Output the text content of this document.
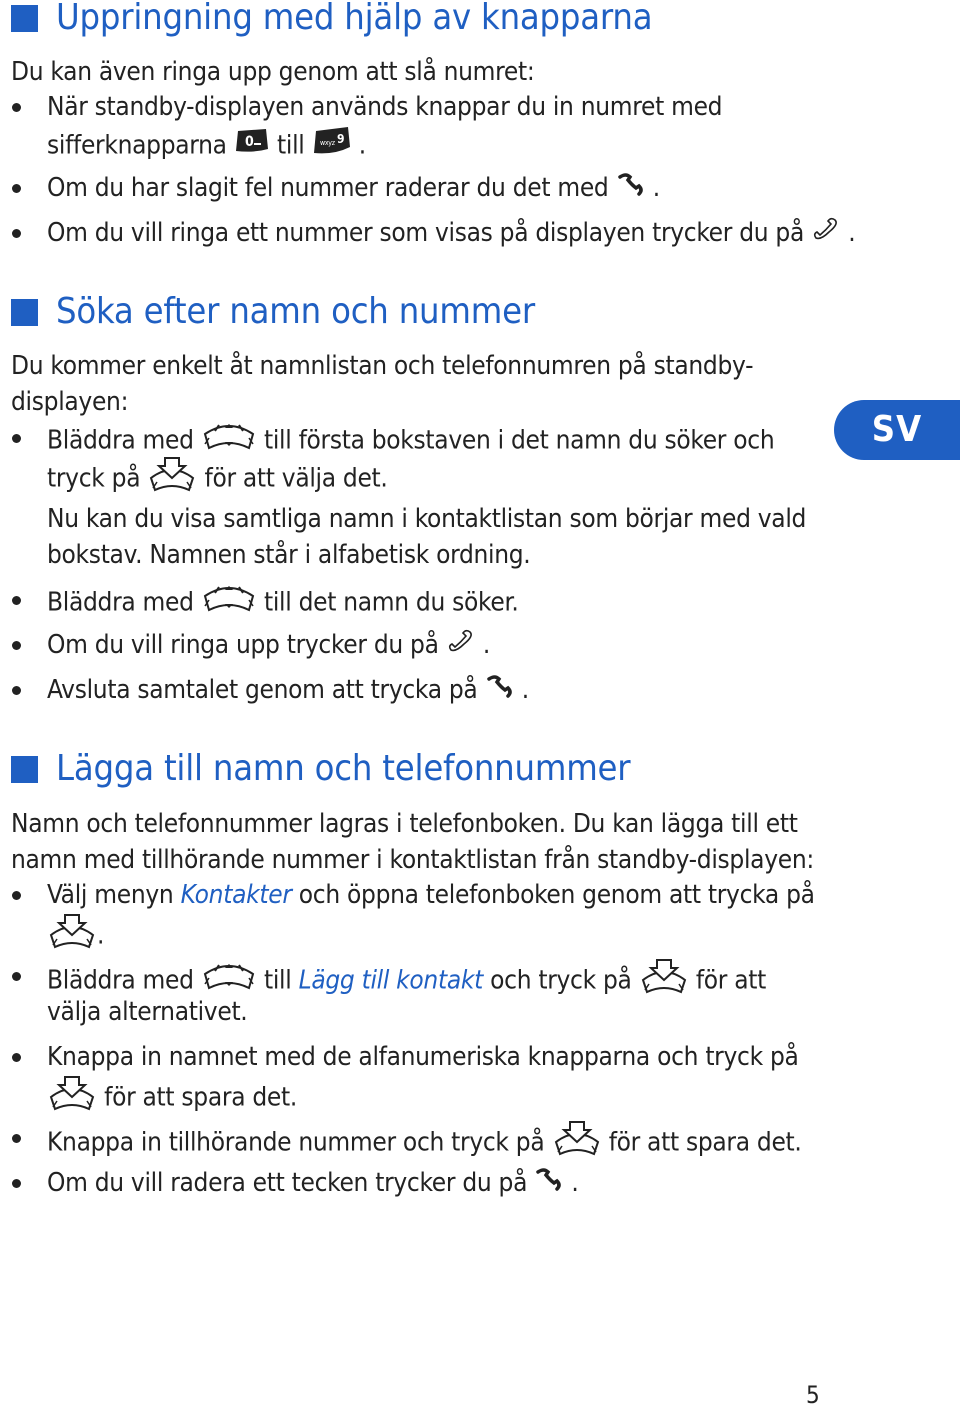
Uppringning med hjälp av knapparna
Du kan även ringa upp genom att slå numret:
När standby-displayen används knappar du in numret med
sifferknapparna 0 till wxyz 9 .
Om du har slagit fel nummer raderar du det med .
Om du vill ringa ett nummer som visas på displayen trycker du på .
Söka efter namn och nummer
Du kommer enkelt åt namnlistan och telefonnumren på standby-
displayen:
Bläddra med	till första bokstaven i det namn du söker och
tryck på för att välja det.
Nu kan du visa samtliga namn i kontaktlistan som börjar med vald
bokstav. Namnen står i alfabetisk ordning.
Bläddra med	till det namn du söker.
Om du vill ringa upp trycker du på .
Avsluta samtalet genom att trycka på .
Lägga till namn och telefonnummer
Namn och telefonnummer lagras i telefonboken. Du kan lägga till ett
namn med tillhörande nummer i kontaktlistan från standby-displayen:
Välj menyn Kontakter och öppna telefonboken genom att trycka på
.
Bläddra med	till Lägg till kontakt och tryck på för att
välja alternativet.
Knappa in namnet med de alfanumeriska knapparna och tryck på
för att spara det.
Knappa in tillhörande nummer och tryck på för att spara det.
Om du vill radera ett tecken trycker du på .
SV
5
